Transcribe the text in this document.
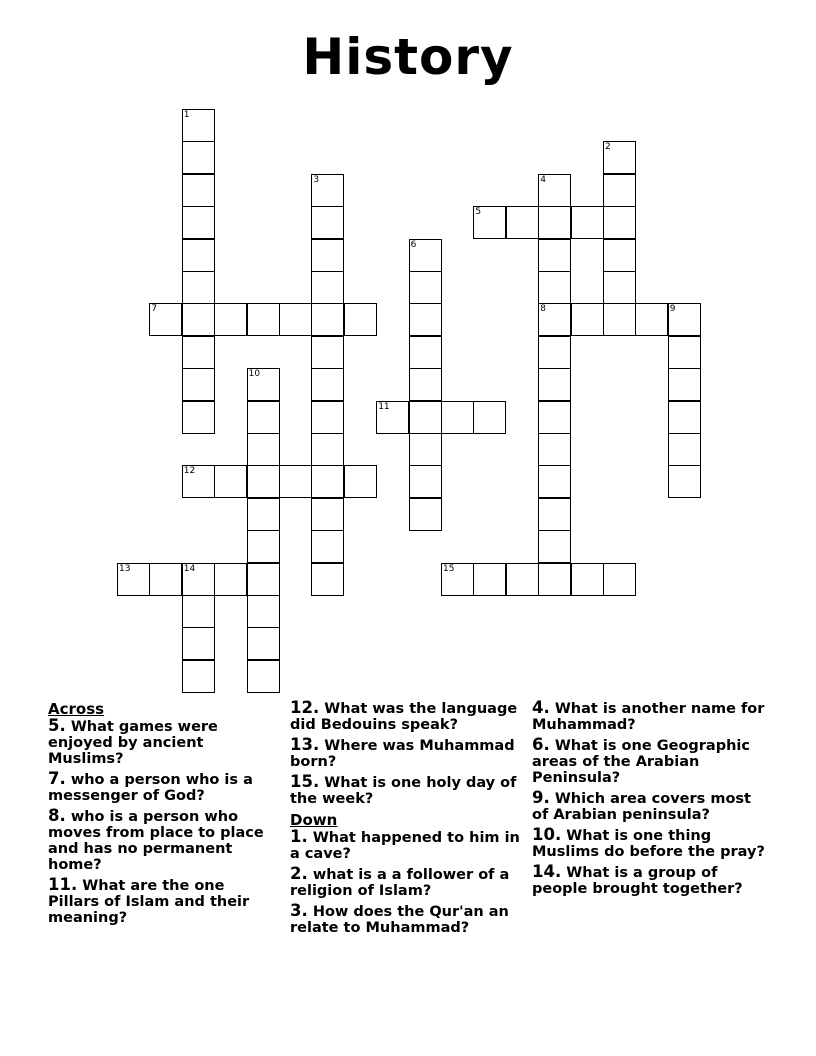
History
1
2
3	4
8
5
6
7	9
10
11
12
13	14	15

Across

5. What games were enjoyed by ancient Muslims?
7. who a person who is a messenger of God?
8. who is a person who moves from place to place and has no permanent home?
11. What are the one Pillars of Islam and their meaning?
12. What was the language did Bedouins speak?
13. Where was Muhammad born?
15. What is one holy day of the week?

Down

1. What happened to him in a cave?
2. what is a a follower of a religion of Islam?
3. How does the Qur'an an relate to Muhammad?
4. What is another name for Muhammad?
6. What is one Geographic areas of the Arabian Peninsula?
9. Which area covers most of Arabian peninsula?
10. What is one thing Muslims do before the pray?
14. What is a group of people brought together?
